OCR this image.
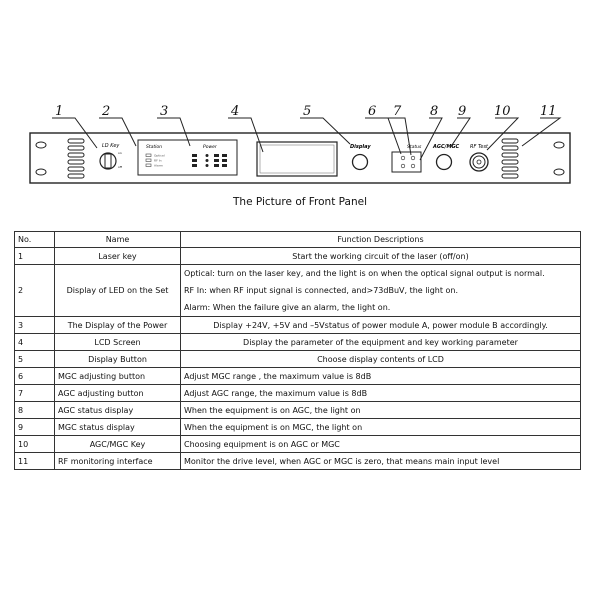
LD Key
on
off
Station
Optical
RF In
Alarm
Power	Display	Status AGC/MGC RF Test
1	2	3	4	5	6 7 8 9 10 11
The Picture of Front Panel
No.	Name	Function Descriptions
1	Laser key	Start the working circuit of the laser (off/on)

2	Display of LED on the Set	Optical: turn on the laser key, and the light is on when the optical signal output is normal.
RF In: when RF input signal is connected, and>73dBuV, the light on.
Alarm: When the failure give an alarm, the light on.

3	The Display of the Power	Display +24V, +5V and –5Vstatus of power module A, power module B accordingly.

4	LCD Screen	Display the parameter of the equipment and key working parameter

5	Display Button	Choose display contents of LCD

6	MGC adjusting button	Adjust MGC range , the maximum value is 8dB

7	AGC adjusting button	Adjust AGC range, the maximum value is 8dB

8	AGC status display	When the equipment is on AGC, the light on

9	MGC status display	When the equipment is on MGC, the light on

10	AGC/MGC Key	Choosing equipment is on AGC or MGC

11	RF monitoring interface	Monitor the drive level, when AGC or MGC is zero, that means main input level
